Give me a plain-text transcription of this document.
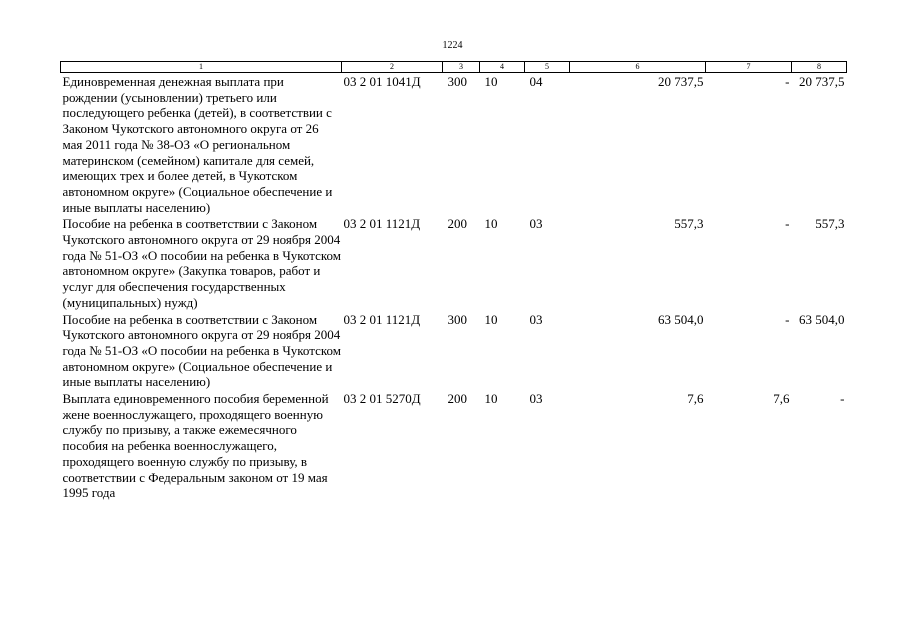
1224
1	2	3	4	5	6	7	8
Единовременная денежная выплата при рождении (усыновлении) третьего или последующего ребенка (детей), в соответствии с Законом Чукотского автономного округа от 26 мая 2011 года № 38-ОЗ «О региональном материнском (семейном) капитале для семей, имеющих трех и более детей, в Чукотском автономном округе» (Социальное обеспечение и иные выплаты населению)	03 2 01 1041Д	300	10	04	20 737,5	-	20 737,5
Пособие на ребенка в соответствии с Законом Чукотского автономного округа от 29 ноября 2004 года № 51-ОЗ «О пособии на ребенка в Чукотском автономном округе» (Закупка товаров, работ и услуг для обеспечения государственных (муниципальных) нужд)	03 2 01 1121Д	200	10	03	557,3	-	557,3
Пособие на ребенка в соответствии с Законом Чукотского автономного округа от 29 ноября 2004 года № 51-ОЗ «О пособии на ребенка в Чукотском автономном округе» (Социальное обеспечение и иные выплаты населению)	03 2 01 1121Д	300	10	03	63 504,0	-	63 504,0
Выплата единовременного пособия беременной жене военнослужащего, проходящего военную службу по призыву, а также ежемесячного пособия на ребенка военнослужащего, проходящего военную службу по призыву, в соответствии с Федеральным законом от 19 мая 1995 года	03 2 01 5270Д	200	10	03	7,6	7,6	-
